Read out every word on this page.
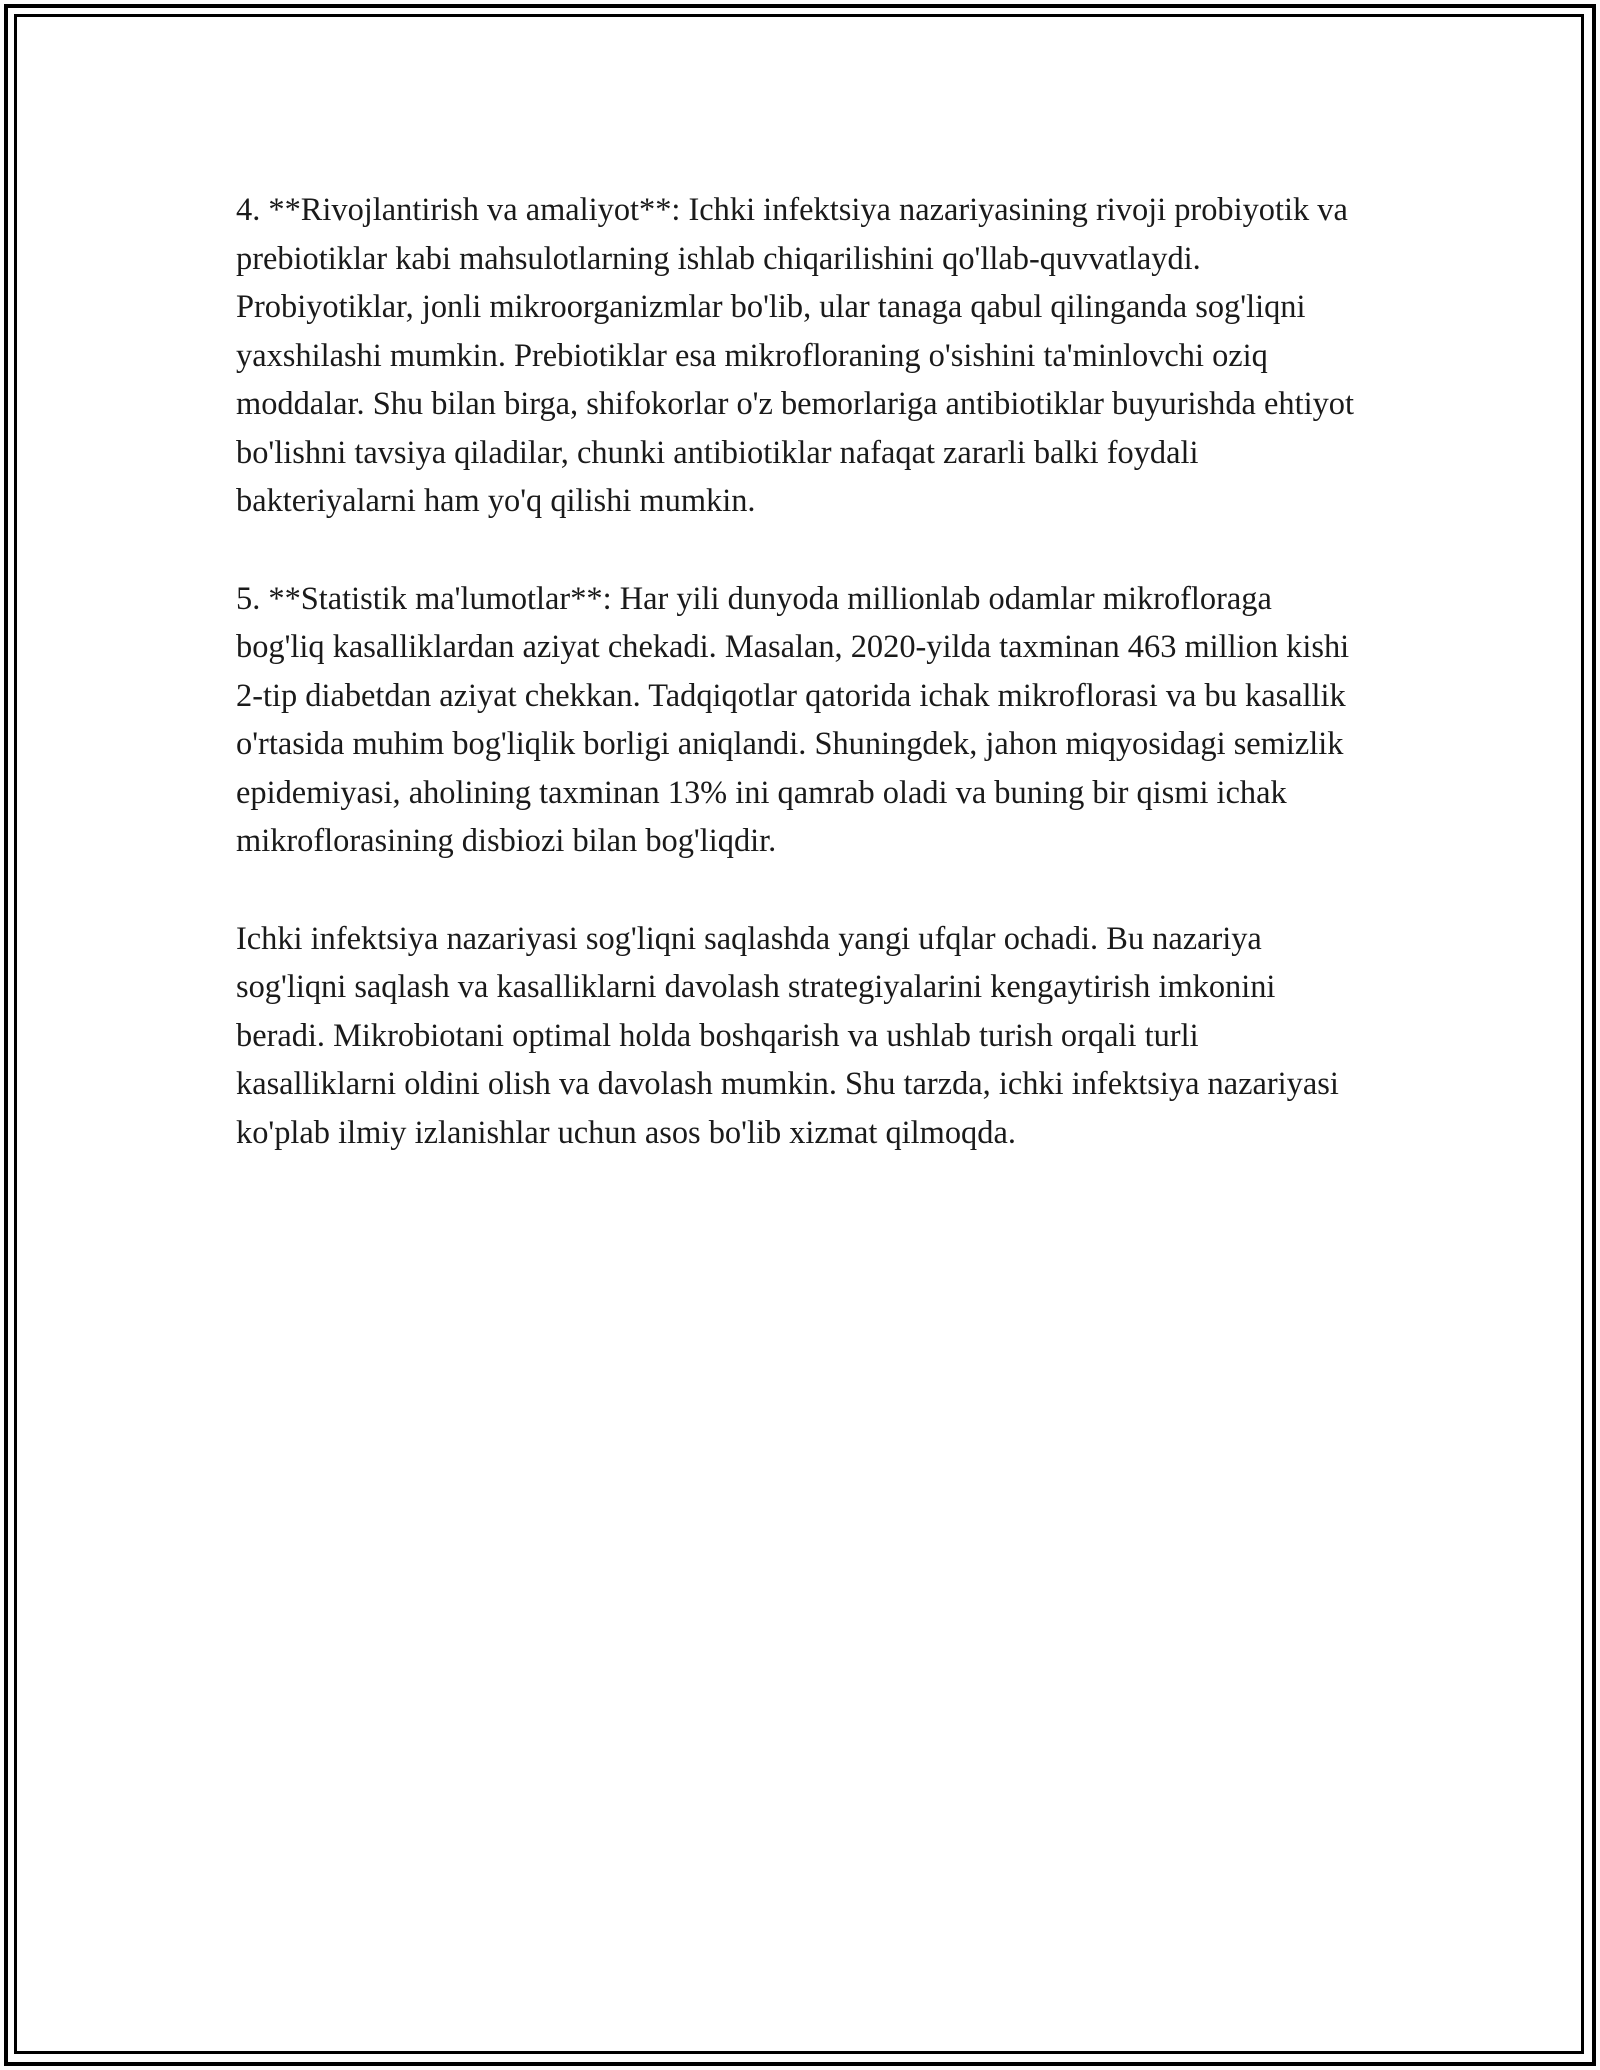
4. **Rivojlantirish va amaliyot**: Ichki infektsiya nazariyasining rivoji probiyotik va prebiotiklar kabi mahsulotlarning ishlab chiqarilishini qo'llab-quvvatlaydi. Probiyotiklar, jonli mikroorganizmlar bo'lib, ular tanaga qabul qilinganda sog'liqni yaxshilashi mumkin. Prebiotiklar esa mikrofloraning o'sishini ta'minlovchi oziq moddalar. Shu bilan birga, shifokorlar o'z bemorlariga antibiotiklar buyurishda ehtiyot bo'lishni tavsiya qiladilar, chunki antibiotiklar nafaqat zararli balki foydali bakteriyalarni ham yo'q qilishi mumkin.

5. **Statistik ma'lumotlar**: Har yili dunyoda millionlab odamlar mikrofloraga bog'liq kasalliklardan aziyat chekadi. Masalan, 2020-yilda taxminan 463 million kishi 2-tip diabetdan aziyat chekkan. Tadqiqotlar qatorida ichak mikroflorasi va bu kasallik o'rtasida muhim bog'liqlik borligi aniqlandi. Shuningdek, jahon miqyosidagi semizlik epidemiyasi, aholining taxminan 13% ini qamrab oladi va buning bir qismi ichak mikroflorasining disbiozi bilan bog'liqdir.

Ichki infektsiya nazariyasi sog'liqni saqlashda yangi ufqlar ochadi. Bu nazariya sog'liqni saqlash va kasalliklarni davolash strategiyalarini kengaytirish imkonini beradi. Mikrobiotani optimal holda boshqarish va ushlab turish orqali turli kasalliklarni oldini olish va davolash mumkin. Shu tarzda, ichki infektsiya nazariyasi ko'plab ilmiy izlanishlar uchun asos bo'lib xizmat qilmoqda.
